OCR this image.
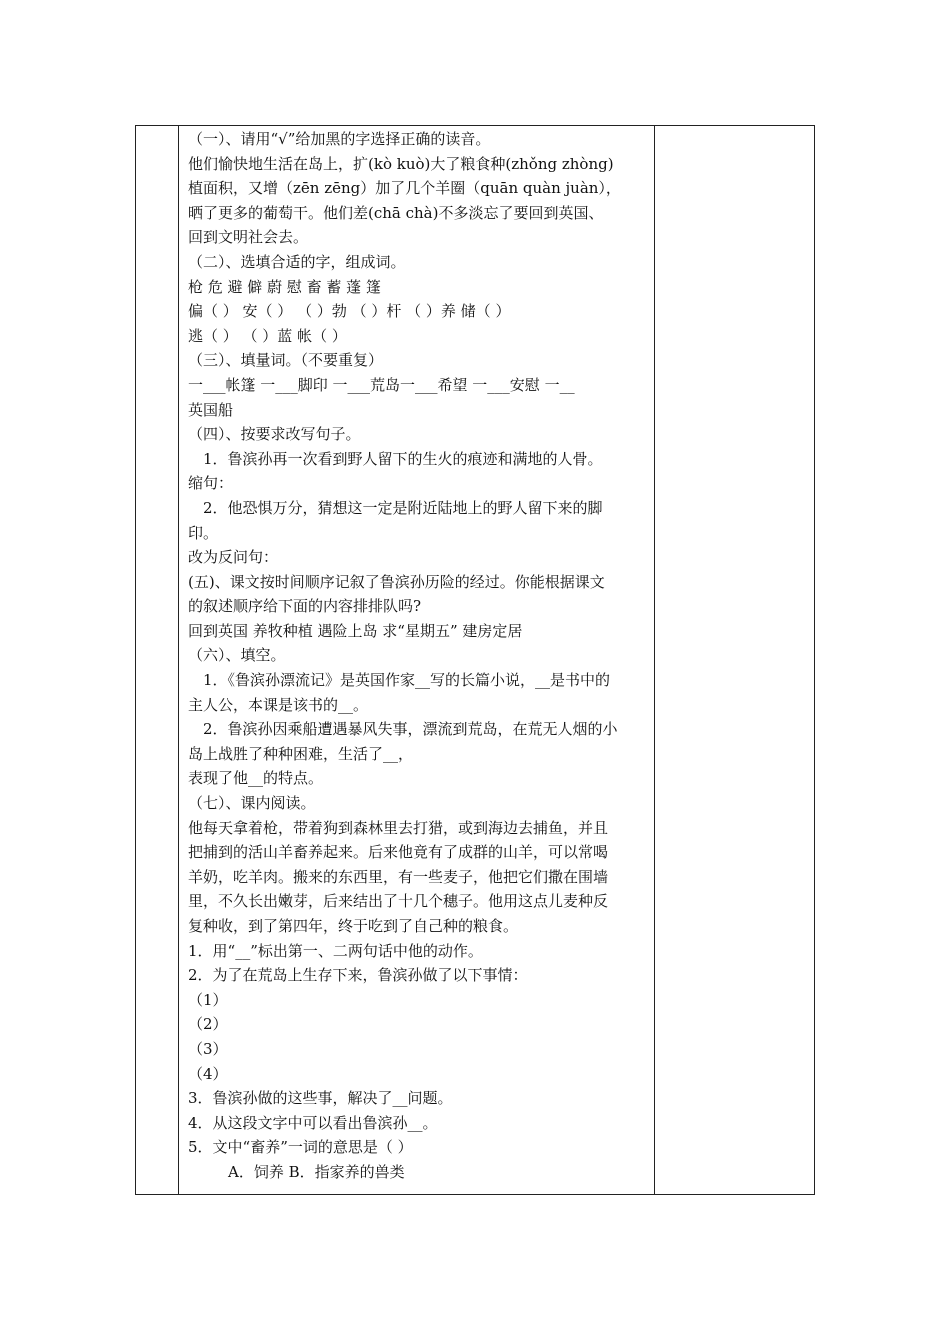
（一）、请用“√”给加黑的字选择正确的读音。
他们愉快地生活在岛上，扩(kò kuò)大了粮食种(zhǒng zhòng)
植面积，又增（zēn zēng）加了几个羊圈（quān quàn juàn），
晒了更多的葡萄干。他们差(chā chà)不多淡忘了要回到英国、
回到文明社会去。
（二）、选填合适的字，组成词。
枪 危 避 僻 蔚 慰 畜 蓄 蓬 篷
偏（ ） 安（ ） （ ）勃 （ ）杆 （ ）养 储（ ）
逃（ ） （ ）蓝 帐（ ）
（三）、填量词。（不要重复）
一___帐篷 一___脚印 一___荒岛一___希望 一___安慰 一__
英国船
（四）、按要求改写句子。
1．鲁滨孙再一次看到野人留下的生火的痕迹和满地的人骨。
缩句：
2．他恐惧万分，猜想这一定是附近陆地上的野人留下来的脚
印。
改为反问句：
(五)、课文按时间顺序记叙了鲁滨孙历险的经过。你能根据课文
的叙述顺序给下面的内容排排队吗?
回到英国 养牧种植 遇险上岛 求“星期五” 建房定居
（六）、填空。
1．《鲁滨孙漂流记》是英国作家__写的长篇小说，__是书中的
主人公，本课是该书的__。
2．鲁滨孙因乘船遭遇暴风失事，漂流到荒岛，在荒无人烟的小
岛上战胜了种种困难，生活了__，
表现了他__的特点。
（七）、课内阅读。
他每天拿着枪，带着狗到森林里去打猎，或到海边去捕鱼，并且
把捕到的活山羊畜养起来。后来他竟有了成群的山羊，可以常喝
羊奶，吃羊肉。搬来的东西里，有一些麦子，他把它们撒在围墙
里，不久长出嫩芽，后来结出了十几个穗子。他用这点儿麦种反
复种收，到了第四年，终于吃到了自己种的粮食。
1．用“__”标出第一、二两句话中他的动作。
2．为了在荒岛上生存下来，鲁滨孙做了以下事情：
（1）
（2）
（3）
（4）
3．鲁滨孙做的这些事，解决了__问题。
4．从这段文字中可以看出鲁滨孙__。
5．文中“畜养”一词的意思是（ ）
A．饲养 B．指家养的兽类
